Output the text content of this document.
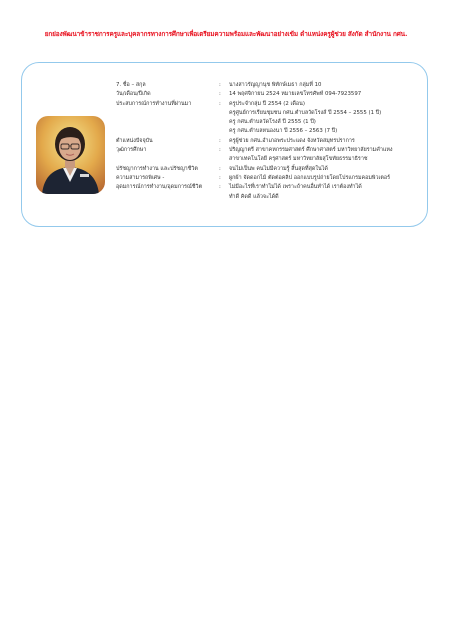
ยกย่องพัฒนาข้าราชการครูและบุคลากรทางการศึกษาเพื่อเตรียมความพร้อมและพัฒนาอย่างเข้ม ตำแหน่งครูผู้ช่วย สังกัด สำนักงาน กศน.
7. ชื่อ – สกุล	:	นางสาวรัญญานุช พิทักษ์เมธา กลุ่มที่ 10
วัน/เดือน/ปีเกิด	:	14 พฤศจิกายน 2524 หมายเลขโทรศัพท์ 094-7923597
ประสบการณ์การทำงานที่ผ่านมา	:	ครูประจำกลุ่ม ปี 2554 (2 เดือน)
ครูศูนย์การเรียนชุมชน กศน.ตำบลวัดโรงส์ ปี 2554 – 2555 (1 ปี)
ครู กศน.ตำบลวัดโรงส์ ปี 2555 (1 ปี)
ครู กศน.ตำบลหนองนา ปี 2556 – 2563 (7 ปี)
ตำแหน่งปัจจุบัน	:	ครูผู้ช่วย กศน.อำเภอพระประแดง จังหวัดสมุทรปราการ
วุฒิการศึกษา	:	ปริญญาตรี สาขาคหกรรมศาสตร์ ศึกษาศาสตร์ มหาวิทยาลัยรามคำแหง
สาขาเทคโนโลยี ครุศาสตร์ มหาวิทยาลัยสุโขทัยธรรมาธิราช
ปรัชญาการทำงาน และปรัชญาชีวิต	:	จนไม่เป็นพ คนไม่มีความรู้ สิ้นสุดที่สุดในได้
ความสามารถพิเศษ -	:	ผูกผ้า จัดดอกไม้ ตัดต่อคลิป ออกแบบรูปถ่ายโดยโปรแกรมคอมพิวเตอร์
อุดมการณ์การทำงาน/อุดมการณ์ชีวิต	:	ไม่มีอะไรที่เราทำไม่ได้ เพราะถ้าคนอื่นทำได้ เราต้องทำได้
ทำดี คิดดี แล้วจะได้ดี
